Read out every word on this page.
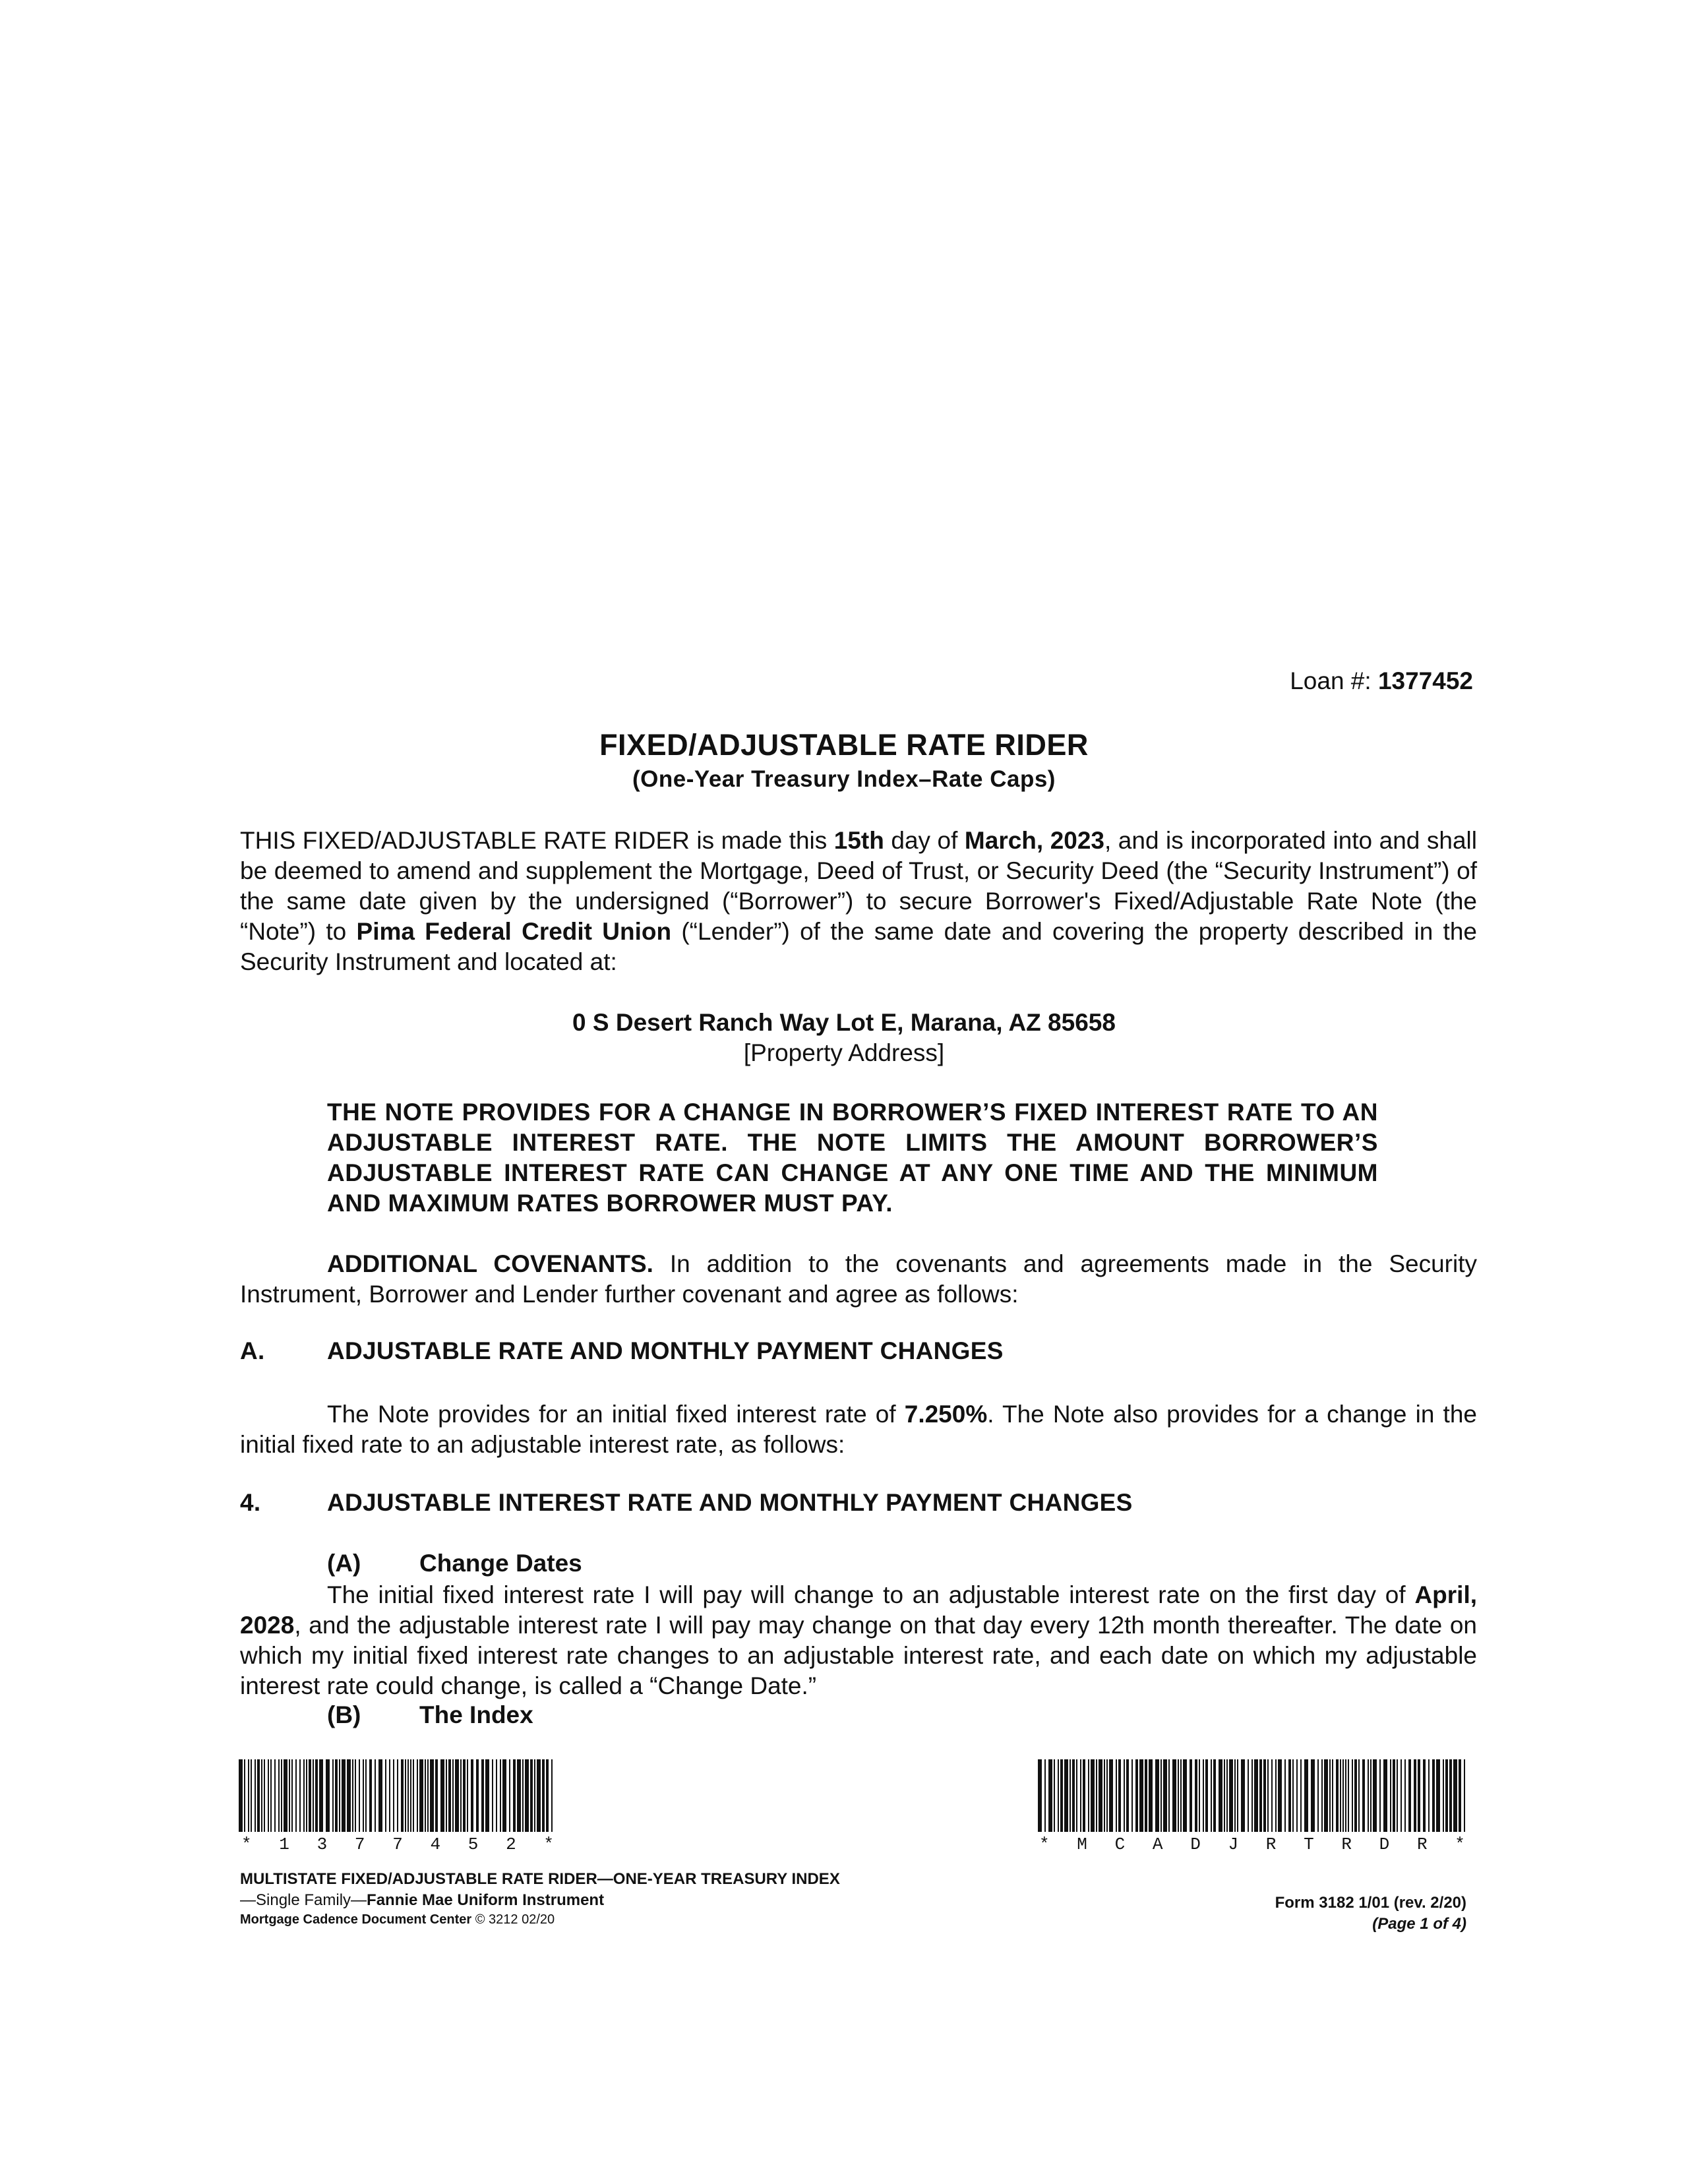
Loan #: 1377452
FIXED/ADJUSTABLE RATE RIDER
(One-Year Treasury Index–Rate Caps)
THIS FIXED/ADJUSTABLE RATE RIDER is made this 15th day of March, 2023, and is incorporated into and shall be deemed to amend and supplement the Mortgage, Deed of Trust, or Security Deed (the “Security Instrument”) of the same date given by the undersigned (“Borrower”) to secure Borrower's Fixed/Adjustable Rate Note (the “Note”) to Pima Federal Credit Union (“Lender”) of the same date and covering the property described in the Security Instrument and located at:
0 S Desert Ranch Way Lot E, Marana, AZ 85658
[Property Address]
THE NOTE PROVIDES FOR A CHANGE IN BORROWER’S FIXED INTEREST RATE TO AN ADJUSTABLE INTEREST RATE. THE NOTE LIMITS THE AMOUNT BORROWER’S ADJUSTABLE INTEREST RATE CAN CHANGE AT ANY ONE TIME AND THE MINIMUM AND MAXIMUM RATES BORROWER MUST PAY.
ADDITIONAL COVENANTS. In addition to the covenants and agreements made in the Security Instrument, Borrower and Lender further covenant and agree as follows:
A.	ADJUSTABLE RATE AND MONTHLY PAYMENT CHANGES
The Note provides for an initial fixed interest rate of 7.250%. The Note also provides for a change in the initial fixed rate to an adjustable interest rate, as follows:
4.	ADJUSTABLE INTEREST RATE AND MONTHLY PAYMENT CHANGES
(A) Change Dates
The initial fixed interest rate I will pay will change to an adjustable interest rate on the first day of April, 2028, and the adjustable interest rate I will pay may change on that day every 12th month thereafter. The date on which my initial fixed interest rate changes to an adjustable interest rate, and each date on which my adjustable interest rate could change, is called a “Change Date.”
(B) The Index
* 1 3 7 7 4 5 2 *	* M C A D J R T R D R *
MULTISTATE FIXED/ADJUSTABLE RATE RIDER—ONE-YEAR TREASURY INDEX
—Single Family—Fannie Mae Uniform Instrument
Mortgage Cadence Document Center © 3212 02/20
Form 3182 1/01 (rev. 2/20)
(Page 1 of 4)
